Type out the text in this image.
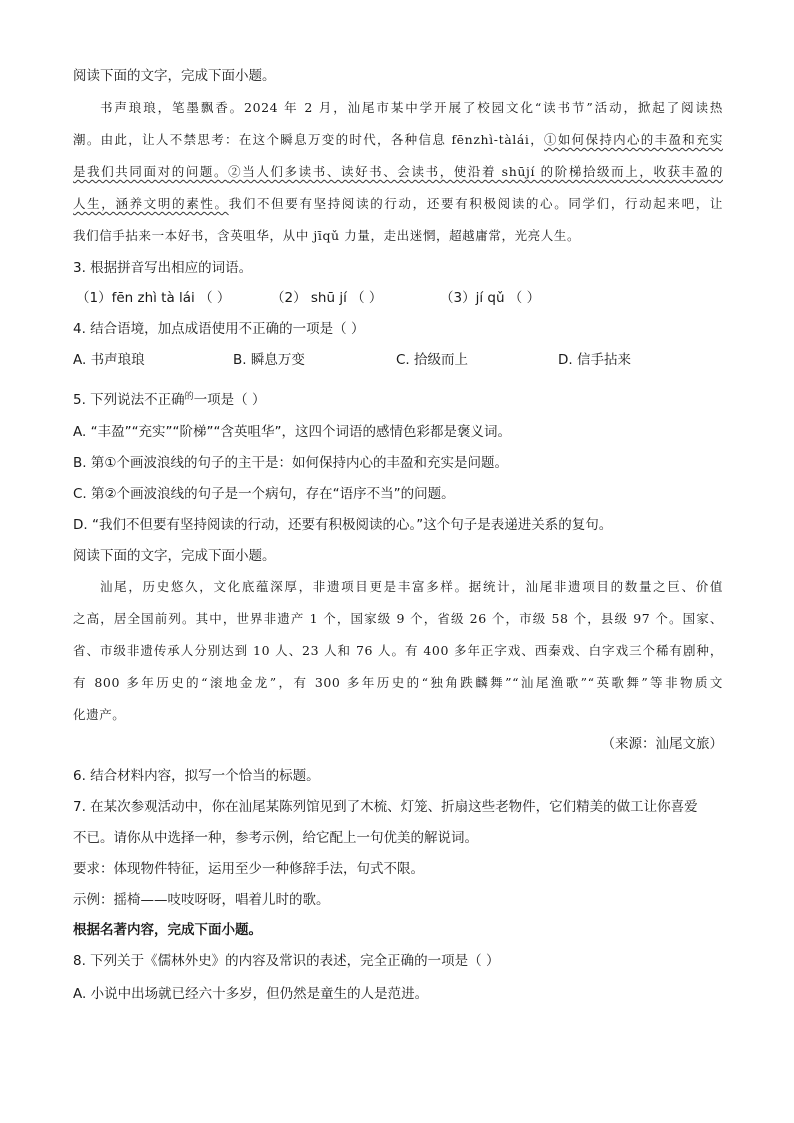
阅读下面的文字，完成下面小题。
书声琅琅，笔墨飘香。2024 年 2 月，汕尾市某中学开展了校园文化“读书节”活动，掀起了阅读热
潮。由此，让人不禁思考：在这个瞬息万变的时代，各种信息 fēnzhì-tàlái，①如何保持内心的丰盈和充实
是我们共同面对的问题。②当人们多读书、读好书、会读书，使沿着 shūjí 的阶梯拾级而上，收获丰盈的
人生，涵养文明的素性。我们不但要有坚持阅读的行动，还要有积极阅读的心。同学们，行动起来吧，让
我们信手拈来一本好书，含英咀华，从中 jīqǔ 力量，走出迷惘，超越庸常，光亮人生。
3. 根据拼音写出相应的词语。
（1）fēn zhì tà lái （ ）	（2） shū jí （ ）	（3）jí qǔ （ ）
4. 结合语境，加点成语使用不正确的一项是（ ）
A. 书声琅琅	B. 瞬息万变	C. 拾级而上	D. 信手拈来
5. 下列说法不正确$^的$一项是（ ）
A. “丰盈”“充实”“阶梯”“含英咀华”，这四个词语的感情色彩都是褒义词。
B. 第①个画波浪线的句子的主干是：如何保持内心的丰盈和充实是问题。
C. 第②个画波浪线的句子是一个病句，存在“语序不当”的问题。
D. “我们不但要有坚持阅读的行动，还要有积极阅读的心。”这个句子是表递进关系的复句。
阅读下面的文字，完成下面小题。
汕尾，历史悠久，文化底蕴深厚，非遗项目更是丰富多样。据统计，汕尾非遗项目的数量之巨、价值
之高，居全国前列。其中，世界非遗产 1 个，国家级 9 个，省级 26 个，市级 58 个，县级 97 个。国家、
省、市级非遗传承人分别达到 10 人、23 人和 76 人。有 400 多年正字戏、西秦戏、白字戏三个稀有剧种，
有 800 多年历史的“滚地金龙”，有 300 多年历史的“独角跌麟舞”“汕尾渔歌”“英歌舞”等非物质文
化遗产。
（来源：汕尾文旅）
6. 结合材料内容，拟写一个恰当的标题。
7. 在某次参观活动中，你在汕尾某陈列馆见到了木梳、灯笼、折扇这些老物件，它们精美的做工让你喜爱
不已。请你从中选择一种，参考示例，给它配上一句优美的解说词。
要求：体现物件特征，运用至少一种修辞手法，句式不限。
示例：摇椅——吱吱呀呀，唱着儿时的歌。
根据名著内容，完成下面小题。
8. 下列关于《儒林外史》的内容及常识的表述，完全正确的一项是（ ）
A. 小说中出场就已经六十多岁，但仍然是童生的人是范进。
